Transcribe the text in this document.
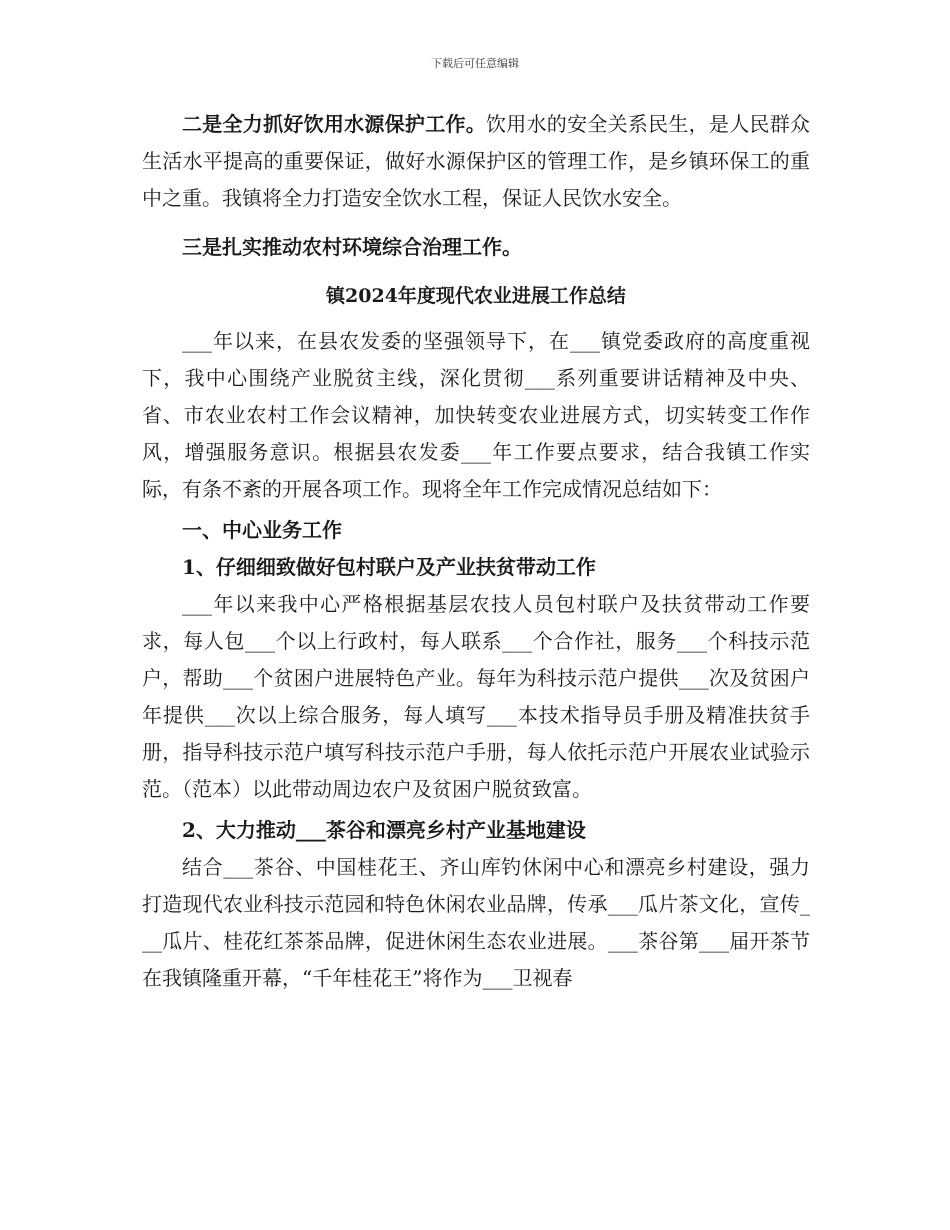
下载后可任意编辑

二是全力抓好饮用水源保护工作。饮用水的安全关系民生，是人民群众生活水平提高的重要保证，做好水源保护区的管理工作，是乡镇环保工的重中之重。我镇将全力打造安全饮水工程，保证人民饮水安全。

三是扎实推动农村环境综合治理工作。

镇2024年度现代农业进展工作总结

___年以来，在县农发委的坚强领导下，在___镇党委政府的高度重视下，我中心围绕产业脱贫主线，深化贯彻___系列重要讲话精神及中央、省、市农业农村工作会议精神，加快转变农业进展方式，切实转变工作作风，增强服务意识。根据县农发委___年工作要点要求，结合我镇工作实际，有条不紊的开展各项工作。现将全年工作完成情况总结如下：

一、中心业务工作

1、仔细细致做好包村联户及产业扶贫带动工作

___年以来我中心严格根据基层农技人员包村联户及扶贫带动工作要求，每人包___个以上行政村，每人联系___个合作社，服务___个科技示范户，帮助___个贫困户进展特色产业。每年为科技示范户提供___次及贫困户年提供___次以上综合服务，每人填写___本技术指导员手册及精准扶贫手册，指导科技示范户填写科技示范户手册，每人依托示范户开展农业试验示范。（范本）以此带动周边农户及贫困户脱贫致富。

2、大力推动___茶谷和漂亮乡村产业基地建设

结合___茶谷、中国桂花王、齐山库钓休闲中心和漂亮乡村建设，强力打造现代农业科技示范园和特色休闲农业品牌，传承___瓜片茶文化，宣传___瓜片、桂花红茶茶品牌，促进休闲生态农业进展。___茶谷第___届开茶节在我镇隆重开幕，“千年桂花王”将作为___卫视春
